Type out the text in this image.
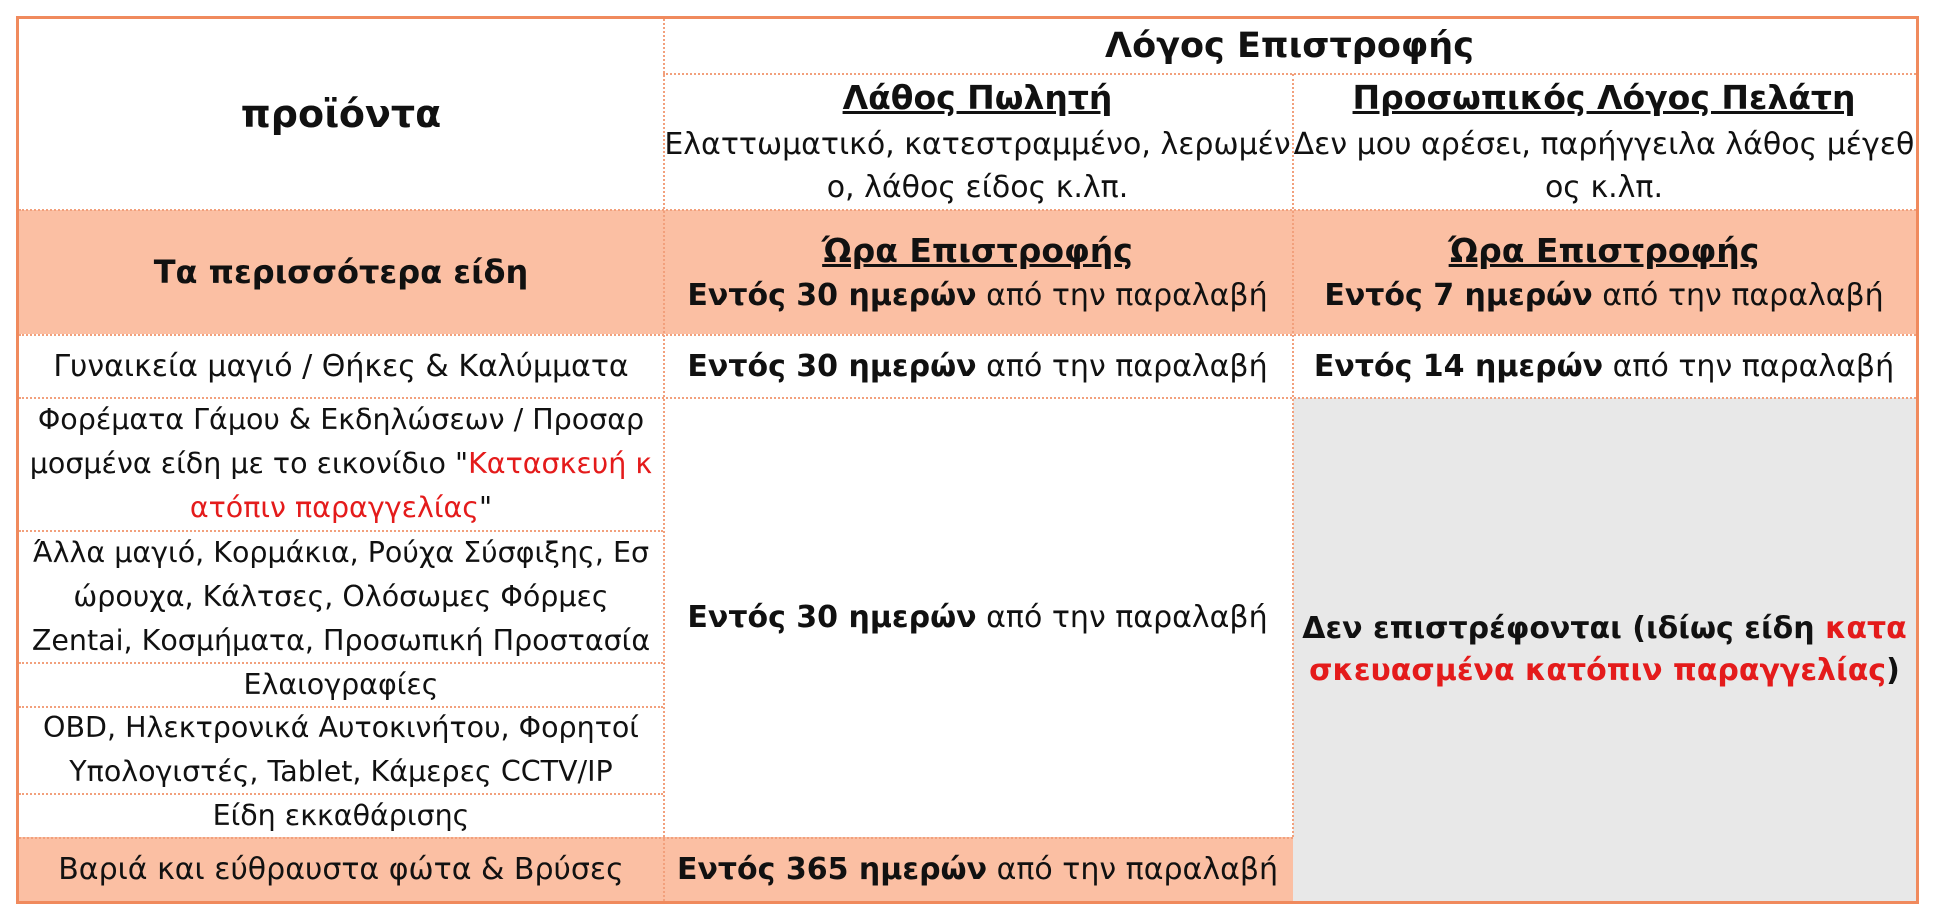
προϊόντα
Λόγος Επιστροφής
Λάθος Πωλητή
Ελαττωματικό, κατεστραμμένο, λερωμέν
ο, λάθος είδος κ.λπ.
Προσωπικός Λόγος Πελάτη
Δεν μου αρέσει, παρήγγειλα λάθος μέγεθ
ος κ.λπ.
Τα περισσότερα είδη
Ώρα Επιστροφής
Εντός 30 ημερών από την παραλαβή
Ώρα Επιστροφής
Εντός 7 ημερών από την παραλαβή
Γυναικεία μαγιό / Θήκες & Καλύμματα Εντός 30 ημερών από την παραλαβή Εντός 14 ημερών από την παραλαβή
Φορέματα Γάμου & Εκδηλώσεων / Προσαρ
μοσμένα είδη με το εικονίδιο "Κατασκευή κ
ατόπιν παραγγελίας"
Άλλα μαγιό, Κορμάκια, Ρούχα Σύσφιξης, Εσ
ώρουχα, Κάλτσες, Ολόσωμες Φόρμες
Zentai, Κοσμήματα, Προσωπική Προστασία
Ελαιογραφίες
OBD, Ηλεκτρονικά Αυτοκινήτου, Φορητοί
Υπολογιστές, Tablet, Κάμερες CCTV/IP
Είδη εκκαθάρισης
Εντός 30 ημερών από την παραλαβή Δεν επιστρέφονται (ιδίως είδη κατα
σκευασμένα κατόπιν παραγγελίας)
Βαριά και εύθραυστα φώτα & Βρύσες Εντός 365 ημερών από την παραλαβή
